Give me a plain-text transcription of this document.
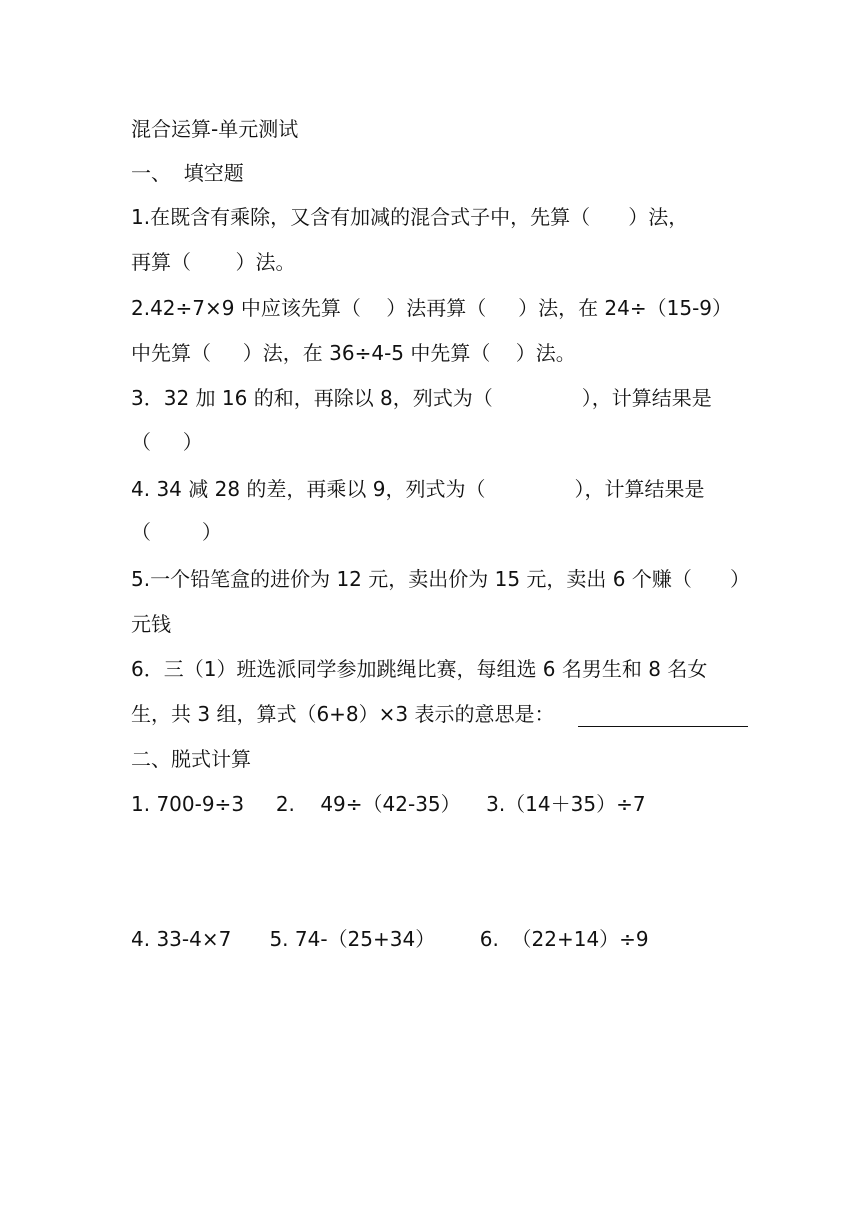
混合运算-单元测试
一、  填空题
1.在既含有乘除，又含有加减的混合式子中，先算（      ）法，
再算（       ）法。
2.42÷7×9 中应该先算（    ）法再算（     ）法，在 24÷（15-9）
中先算（     ）法，在 36÷4-5 中先算（    ）法。
3．32 加 16 的和，再除以 8，列式为（              ），计算结果是
（     ）
4. 34 减 28 的差，再乘以 9，列式为（              ），计算结果是
（        ）
5.一个铅笔盒的进价为 12 元，卖出价为 15 元，卖出 6 个赚（      ）
元钱
6．三（1）班选派同学参加跳绳比赛，每组选 6 名男生和 8 名女
生，共 3 组，算式（6+8）×3 表示的意思是：
二、脱式计算
1. 700-9÷3     2.    49÷（42-35）    3.（14＋35）÷7
4. 33-4×7      5. 74-（25+34）       6.  （22+14）÷9
